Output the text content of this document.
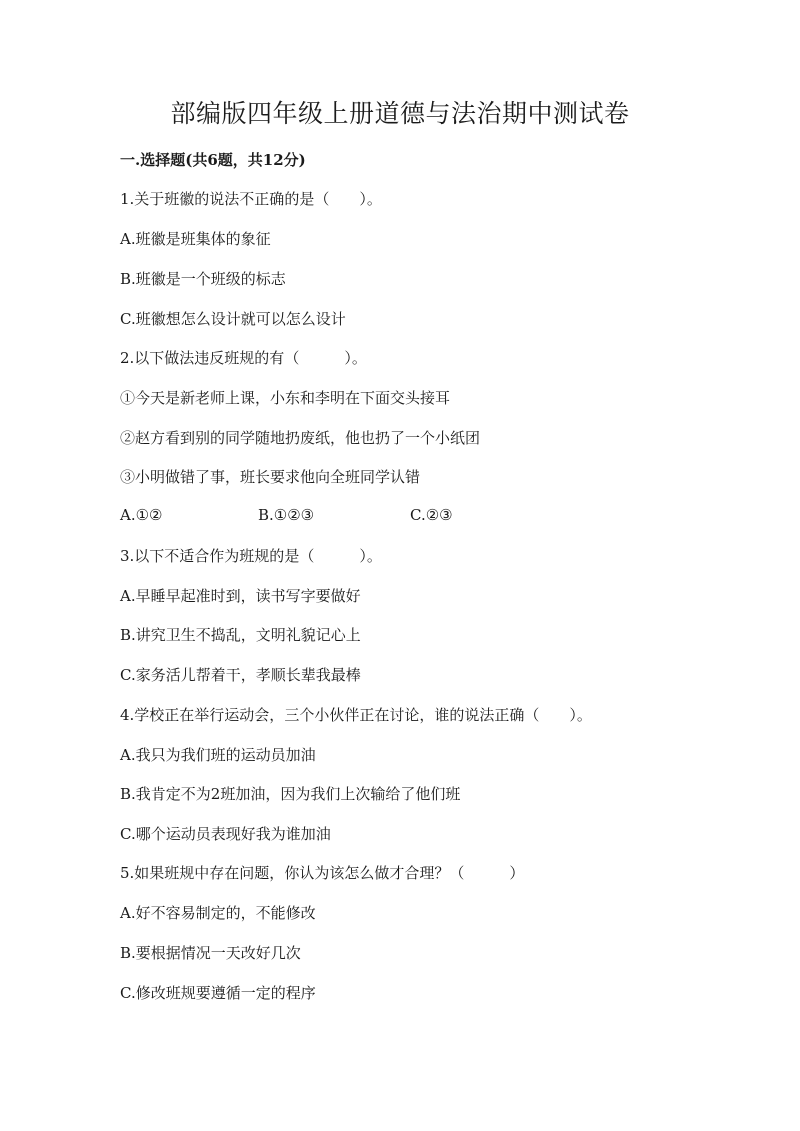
部编版四年级上册道德与法治期中测试卷
一.选择题(共6题，共12分)
1.关于班徽的说法不正确的是（　　）。
A.班徽是班集体的象征
B.班徽是一个班级的标志
C.班徽想怎么设计就可以怎么设计
2.以下做法违反班规的有（　　　）。
①今天是新老师上课，小东和李明在下面交头接耳
②赵方看到别的同学随地扔废纸，他也扔了一个小纸团
③小明做错了事，班长要求他向全班同学认错
A.①②	B.①②③	C.②③
3.以下不适合作为班规的是（　　　）。
A.早睡早起准时到，读书写字要做好
B.讲究卫生不捣乱，文明礼貌记心上
C.家务活儿帮着干，孝顺长辈我最棒
4.学校正在举行运动会，三个小伙伴正在讨论，谁的说法正确（　　）。
A.我只为我们班的运动员加油
B.我肯定不为2班加油，因为我们上次输给了他们班
C.哪个运动员表现好我为谁加油
5.如果班规中存在问题，你认为该怎么做才合理？（　　　）
A.好不容易制定的，不能修改
B.要根据情况一天改好几次
C.修改班规要遵循一定的程序
